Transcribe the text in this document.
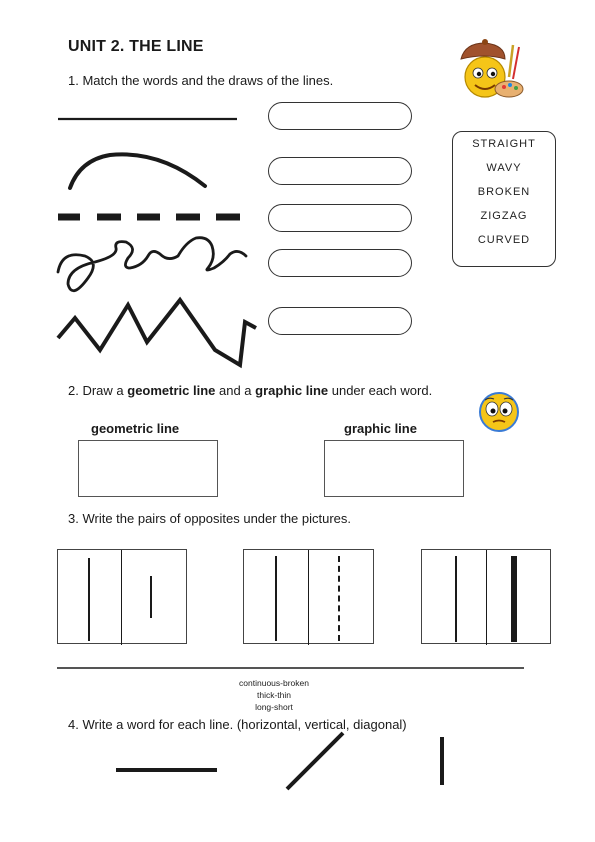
UNIT 2. THE LINE
1. Match the words and the draws of the lines.
STRAIGHT
WAVY
BROKEN
ZIGZAG
CURVED
2. Draw a geometric line and a graphic line under each word.
geometric line	graphic line
3. Write the pairs of opposites under the pictures.
continuous-broken
thick-thin
long-short
4. Write a word for each line. (horizontal, vertical, diagonal)
